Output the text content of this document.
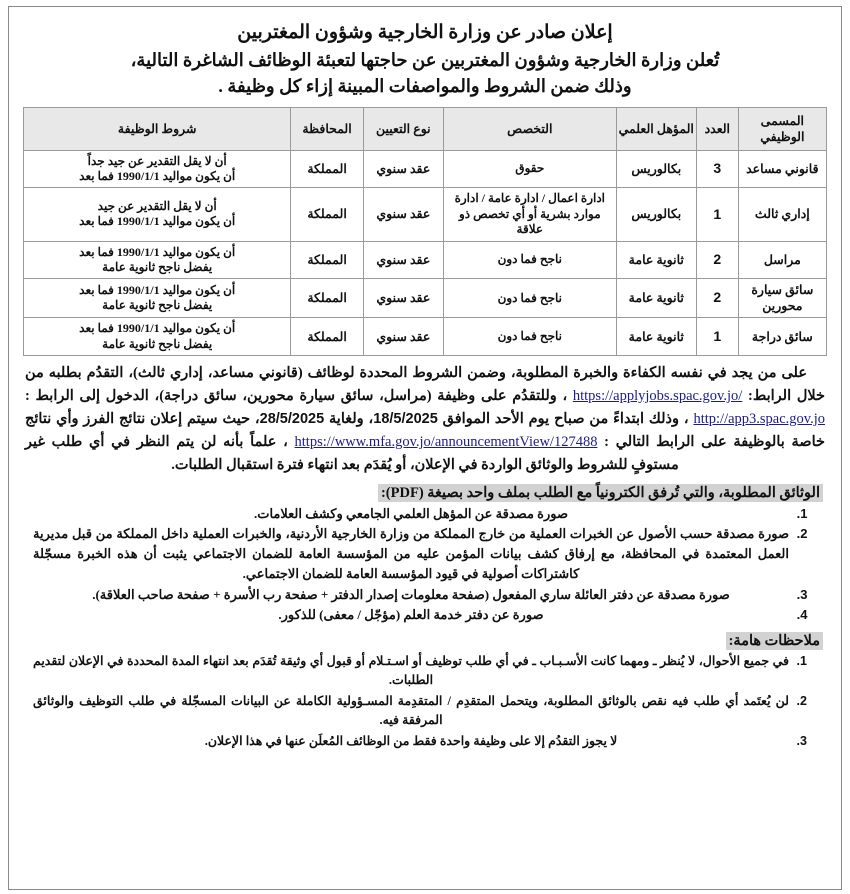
إعلان صادر عن وزارة الخارجية وشؤون المغتربين
تُعلن وزارة الخارجية وشؤون المغتربين عن حاجتها لتعبئة الوظائف الشاغرة التالية،
وذلك ضمن الشروط والمواصفات المبينة إزاء كل وظيفة .
المسمى الوظيفي	العدد	المؤهل العلمي	التخصص	نوع التعيين	المحافظة	شروط الوظيفة
قانوني مساعد	3	بكالوريس	حقوق	عقد سنوي	المملكة	أن لا يقل التقدير عن جيد جداً
أن يكون مواليد 1990/1/1 فما بعد
إداري ثالث	1	بكالوريس	ادارة اعمال / ادارة عامة / ادارة موارد بشرية أو أي تخصص ذو علاقة	عقد سنوي	المملكة	أن لا يقل التقدير عن جيد
أن يكون مواليد 1990/1/1 فما بعد
مراسل	2	ثانوية عامة	ناجح فما دون	عقد سنوي	المملكة	أن يكون مواليد 1990/1/1 فما بعد
يفضل ناجح ثانوية عامة
سائق سيارة محورين	2	ثانوية عامة	ناجح فما دون	عقد سنوي	المملكة	أن يكون مواليد 1990/1/1 فما بعد
يفضل ناجح ثانوية عامة
سائق دراجة	1	ثانوية عامة	ناجح فما دون	عقد سنوي	المملكة	أن يكون مواليد 1990/1/1 فما بعد
يفضل ناجح ثانوية عامة
على من يجد في نفسه الكفاءة والخبرة المطلوبة، وضمن الشروط المحددة لوظائف (قانوني مساعد، إداري ثالث)، التقدُم بطلبه من خلال الرابط: https://applyjobs.spac.gov.jo/ ، وللتقدُم على وظيفة (مراسل، سائق سيارة محورين، سائق دراجة)، الدخول إلى الرابط : http://app3.spac.gov.jo ، وذلك ابتداءً من صباح يوم الأحد الموافق 18/5/2025، ولغاية 28/5/2025، حيث سيتم إعلان نتائج الفرز وأي نتائج خاصة بالوظيفة على الرابط التالي : https://www.mfa.gov.jo/announcementView/127488 ، علماً بأنه لن يتم النظر في أي طلب غير مستوفٍ للشروط والوثائق الواردة في الإعلان، أو يُقدَم بعد انتهاء فترة استقبال الطلبات.
الوثائق المطلوبة، والتي تُرفق الكترونياً مع الطلب بملف واحد بصيغة (PDF):
1. صورة مصدقة عن المؤهل العلمي الجامعي وكشف العلامات.
2. صورة مصدقة حسب الأصول عن الخبرات العملية من خارج المملكة من وزارة الخارجية الأردنية، والخبرات العملية داخل المملكة من قبل مديرية العمل المعتمدة في المحافظة، مع إرفاق كشف بيانات المؤمن عليه من المؤسسة العامة للضمان الاجتماعي يثبت أن هذه الخبرة مسجّلة كاشتراكات أصولية في قيود المؤسسة العامة للضمان الاجتماعي.
3. صورة مصدقة عن دفتر العائلة ساري المفعول (صفحة معلومات إصدار الدفتر + صفحة رب الأسرة + صفحة صاحب العلاقة).
4. صورة عن دفتر خدمة العلم (مؤجّل / معفى) للذكور.
ملاحظات هامة:
1. في جميع الأحوال، لا يُنظر ـ ومهما كانت الأسـبـاب ـ في أي طلب توظيف أو اسـتـلام أو قبول أي وثيقة تُقدَم بعد انتهاء المدة المحددة في الإعلان لتقديم الطلبات.
2. لن يُعتَمد أي طلب فيه نقص بالوثائق المطلوبة، ويتحمل المتقدِم / المتقدِمة المسـؤولية الكاملة عن البيانات المسجّلة في طلب التوظيف والوثائق المرفقة فيه.
3. لا يجوز التقدُم إلا على وظيفة واحدة فقط من الوظائف المُعلَن عنها في هذا الإعلان.
